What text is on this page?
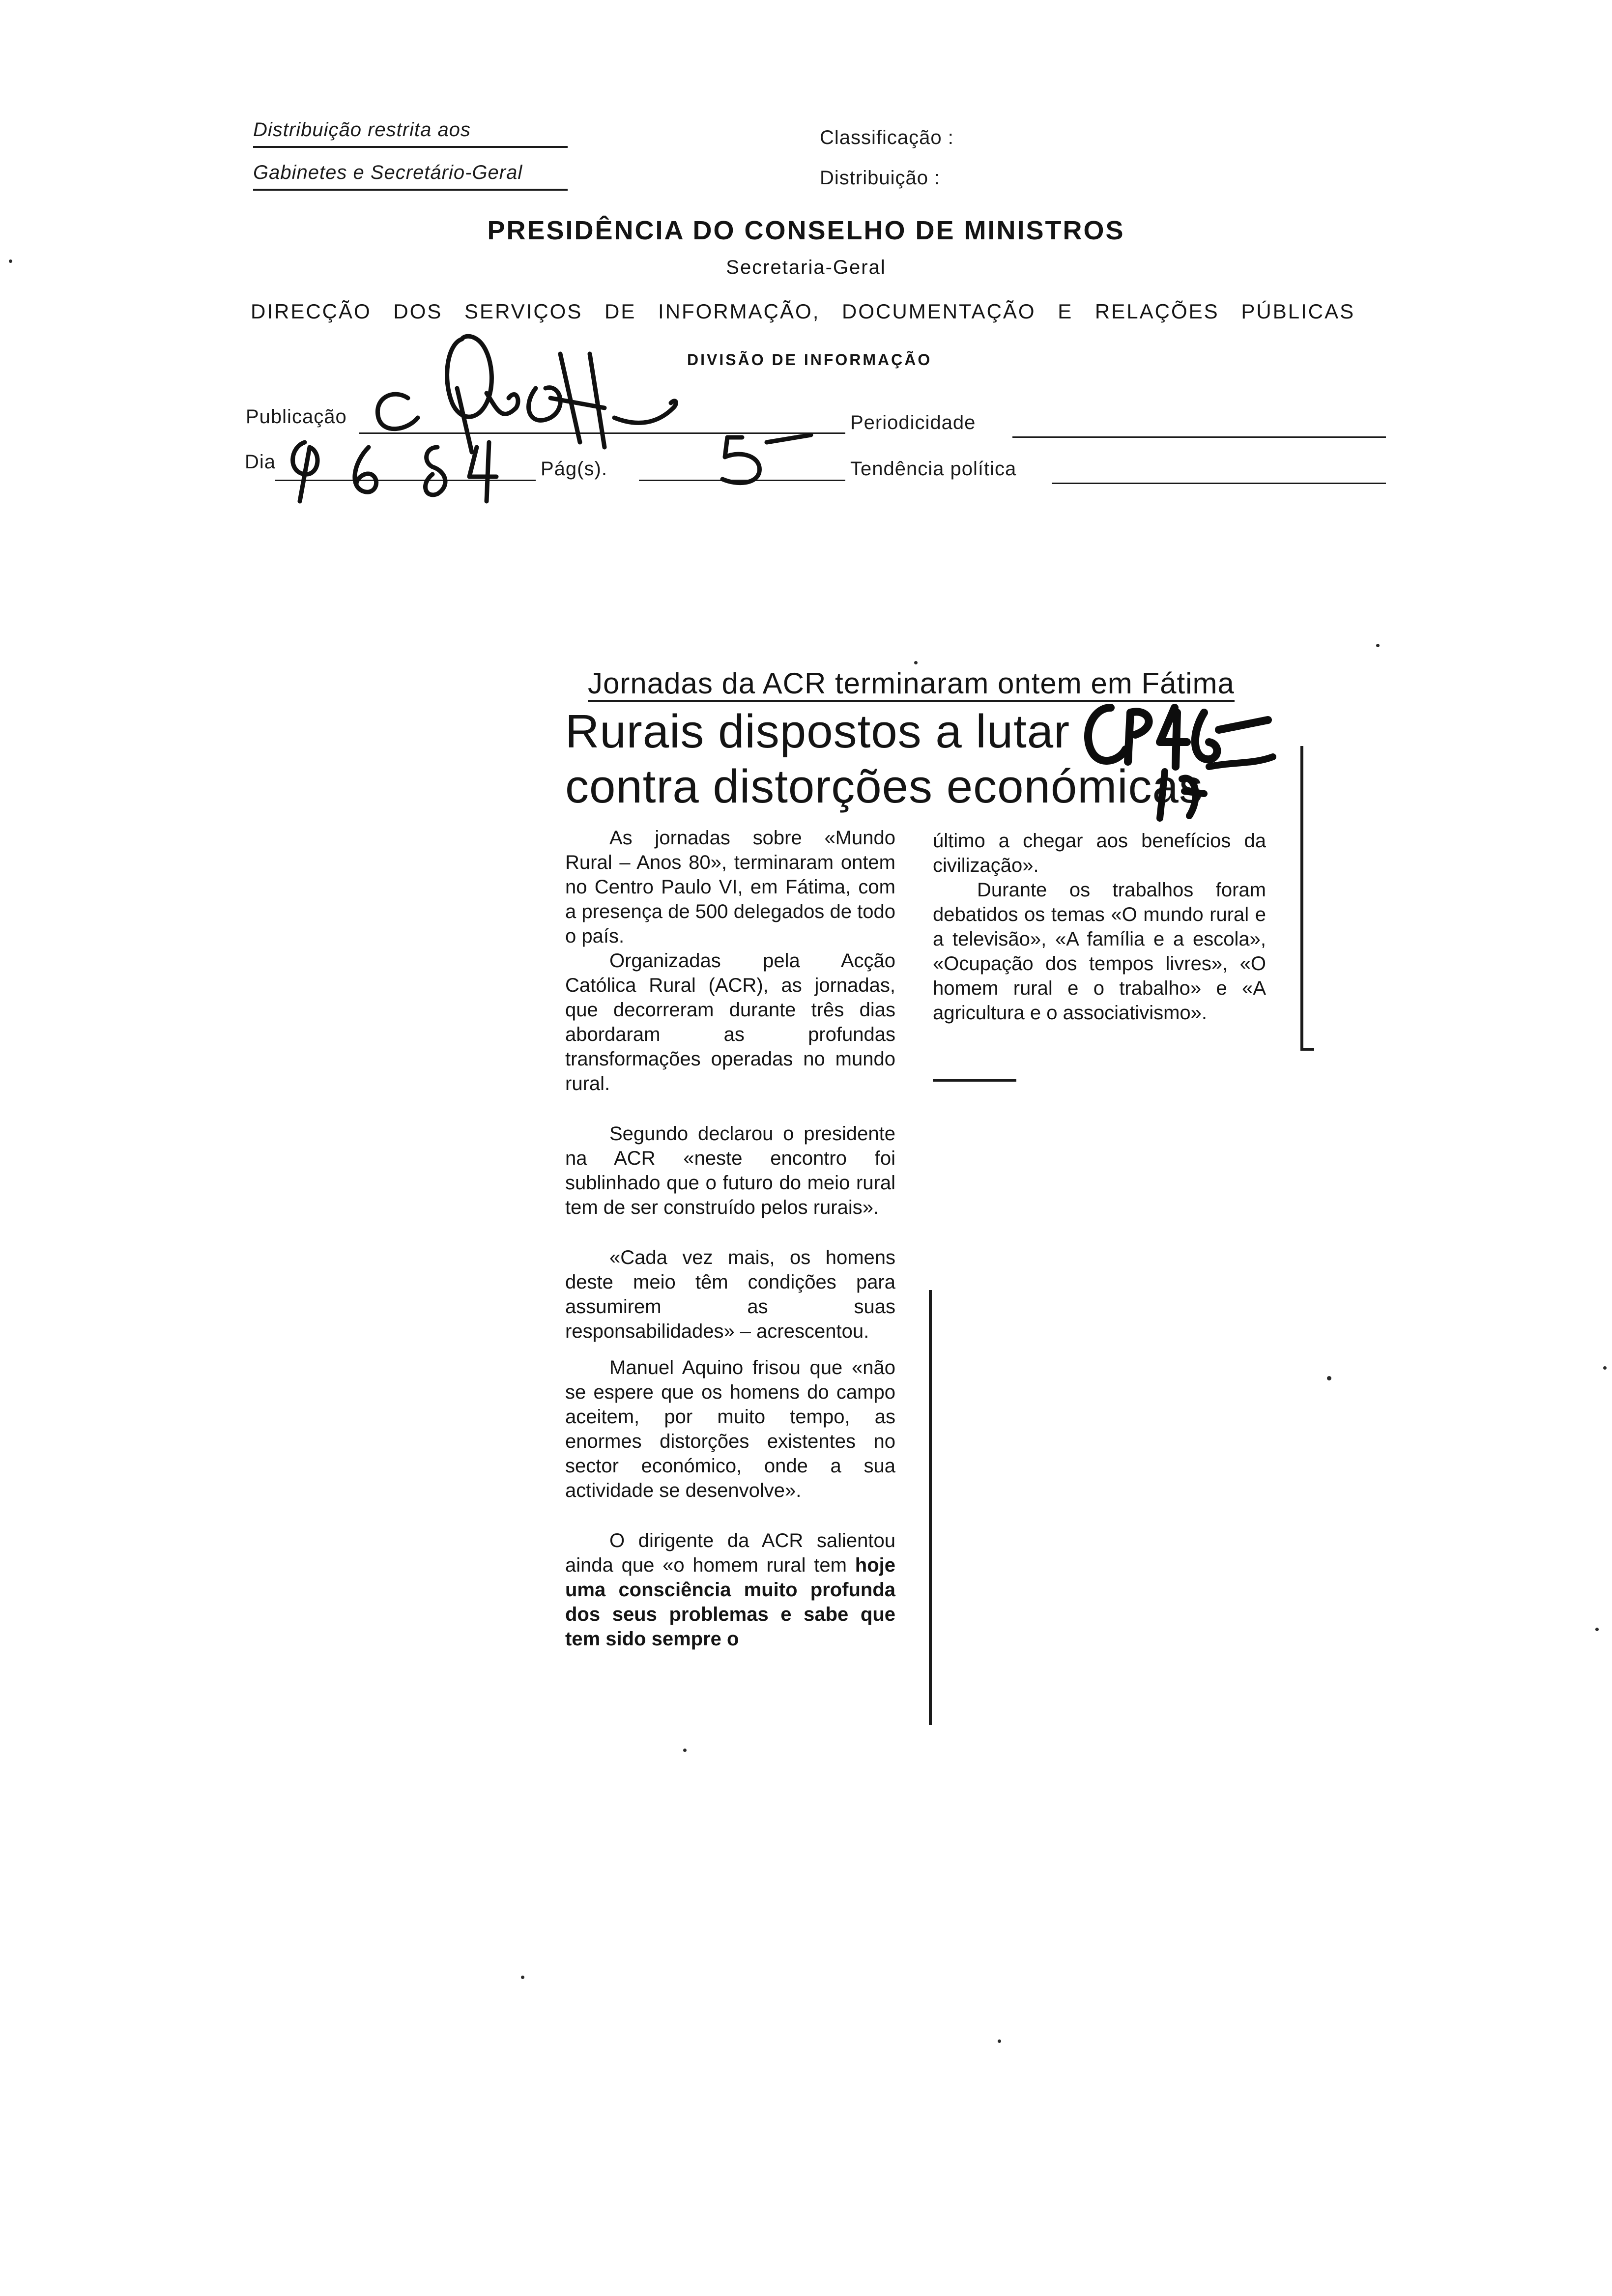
Distribuição restrita aos
Gabinetes e Secretário-Geral
Classificação :
Distribuição :
PRESIDÊNCIA DO CONSELHO DE MINISTROS
Secretaria-Geral
DIRECÇÃO DOS SERVIÇOS DE INFORMAÇÃO, DOCUMENTAÇÃO E RELAÇÕES PÚBLICAS
DIVISÃO DE INFORMAÇÃO
Publicação
Dia	Pág(s).
Periodicidade
Tendência política
Jornadas da ACR terminaram ontem em Fátima
Rurais dispostos a lutar
contra distorções económicas

As jornadas sobre «Mundo Rural – Anos 80», terminaram ontem no Centro Paulo VI, em Fátima, com a presença de 500 delegados de todo o país.

Organizadas pela Acção Católica Rural (ACR), as jornadas, que decorreram durante três dias abordaram as profundas transformações operadas no mundo rural.

Segundo declarou o presidente na ACR «neste encontro foi sublinhado que o futuro do meio rural tem de ser construído pelos rurais».

«Cada vez mais, os homens deste meio têm condições para assumirem as suas responsabilidades» – acrescentou.

Manuel Aquino frisou que «não se espere que os homens do campo aceitem, por muito tempo, as enormes distorções existentes no sector económico, onde a sua actividade se desenvolve».

O dirigente da ACR salientou ainda que «o homem rural tem hoje uma consciência muito profunda dos seus problemas e sabe que tem sido sempre o

último a chegar aos benefícios da civilização».

Durante os trabalhos foram debatidos os temas «O mundo rural e a televisão», «A família e a escola», «Ocupação dos tempos livres», «O homem rural e o trabalho» e «A agricultura e o associativismo».
